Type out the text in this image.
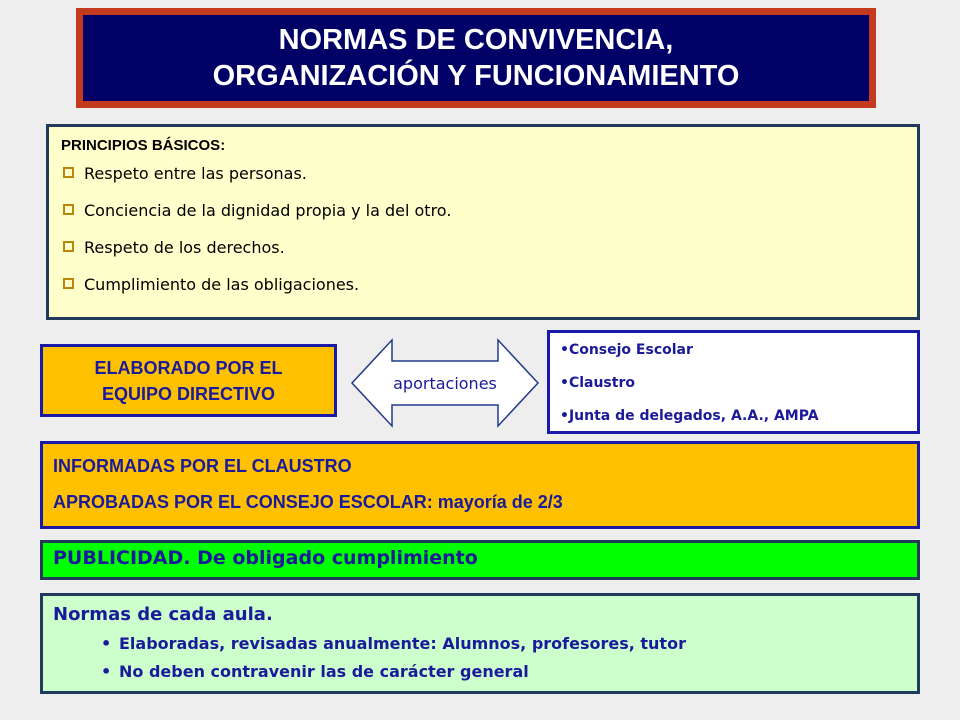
NORMAS DE CONVIVENCIA,
ORGANIZACIÓN Y FUNCIONAMIENTO
PRINCIPIOS BÁSICOS:
Respeto entre las personas.
Conciencia de la dignidad propia y la del otro.
Respeto de los derechos.
Cumplimiento de las obligaciones.
ELABORADO POR EL
EQUIPO DIRECTIVO	aportaciones
•Consejo Escolar
•Claustro
•Junta de delegados, A.A., AMPA
INFORMADAS POR EL CLAUSTRO
APROBADAS POR EL CONSEJO ESCOLAR: mayoría de 2/3
PUBLICIDAD. De obligado cumplimiento
Normas de cada aula.
• Elaboradas, revisadas anualmente: Alumnos, profesores, tutor
• No deben contravenir las de carácter general
